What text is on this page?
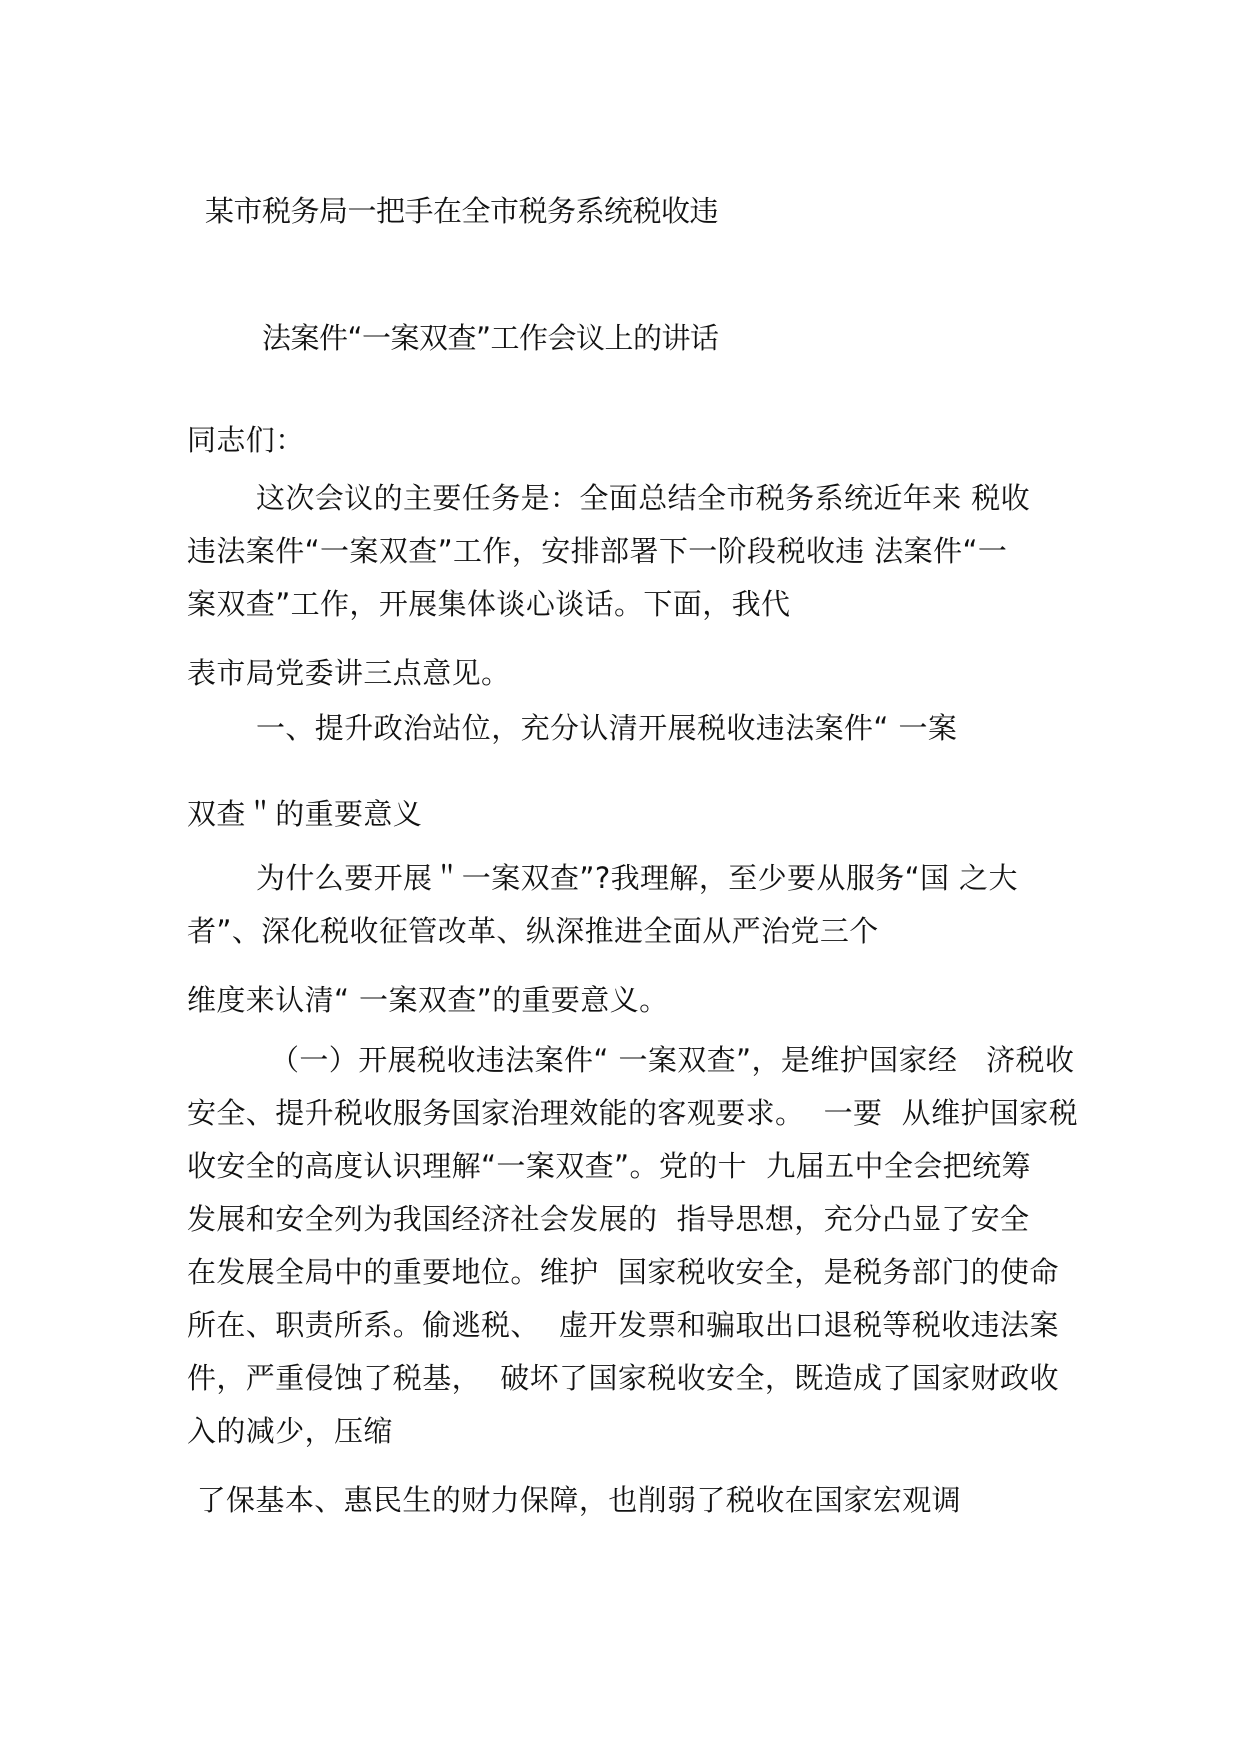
某市税务局一把手在全市税务系统税收违
法案件“一案双查”工作会议上的讲话
同志们：
这次会议的主要任务是：全面总结全市税务系统近年来 税收
违法案件“一案双查”工作，安排部署下一阶段税收违 法案件“一
案双查”工作，开展集体谈心谈话。下面，我代
表市局党委讲三点意见。
一、提升政治站位，充分认清开展税收违法案件“ 一案
双查＂的重要意义
为什么要开展＂一案双查”?我理解，至少要从服务“国 之大
者”、深化税收征管改革、纵深推进全面从严治党三个
维度来认清“ 一案双查”的重要意义。
（一）开展税收违法案件“ 一案双查”，是维护国家经   济税收
安全、提升税收服务国家治理效能的客观要求。  一要  从维护国家税
收安全的高度认识理解“一案双查”。党的十  九届五中全会把统筹
发展和安全列为我国经济社会发展的  指导思想，充分凸显了安全
在发展全局中的重要地位。维护  国家税收安全，是税务部门的使命
所在、职责所系。偷逃税、  虚开发票和骗取出口退税等税收违法案
件，严重侵蚀了税基，  破坏了国家税收安全，既造成了国家财政收
入的减少，压缩
了保基本、惠民生的财力保障，也削弱了税收在国家宏观调
